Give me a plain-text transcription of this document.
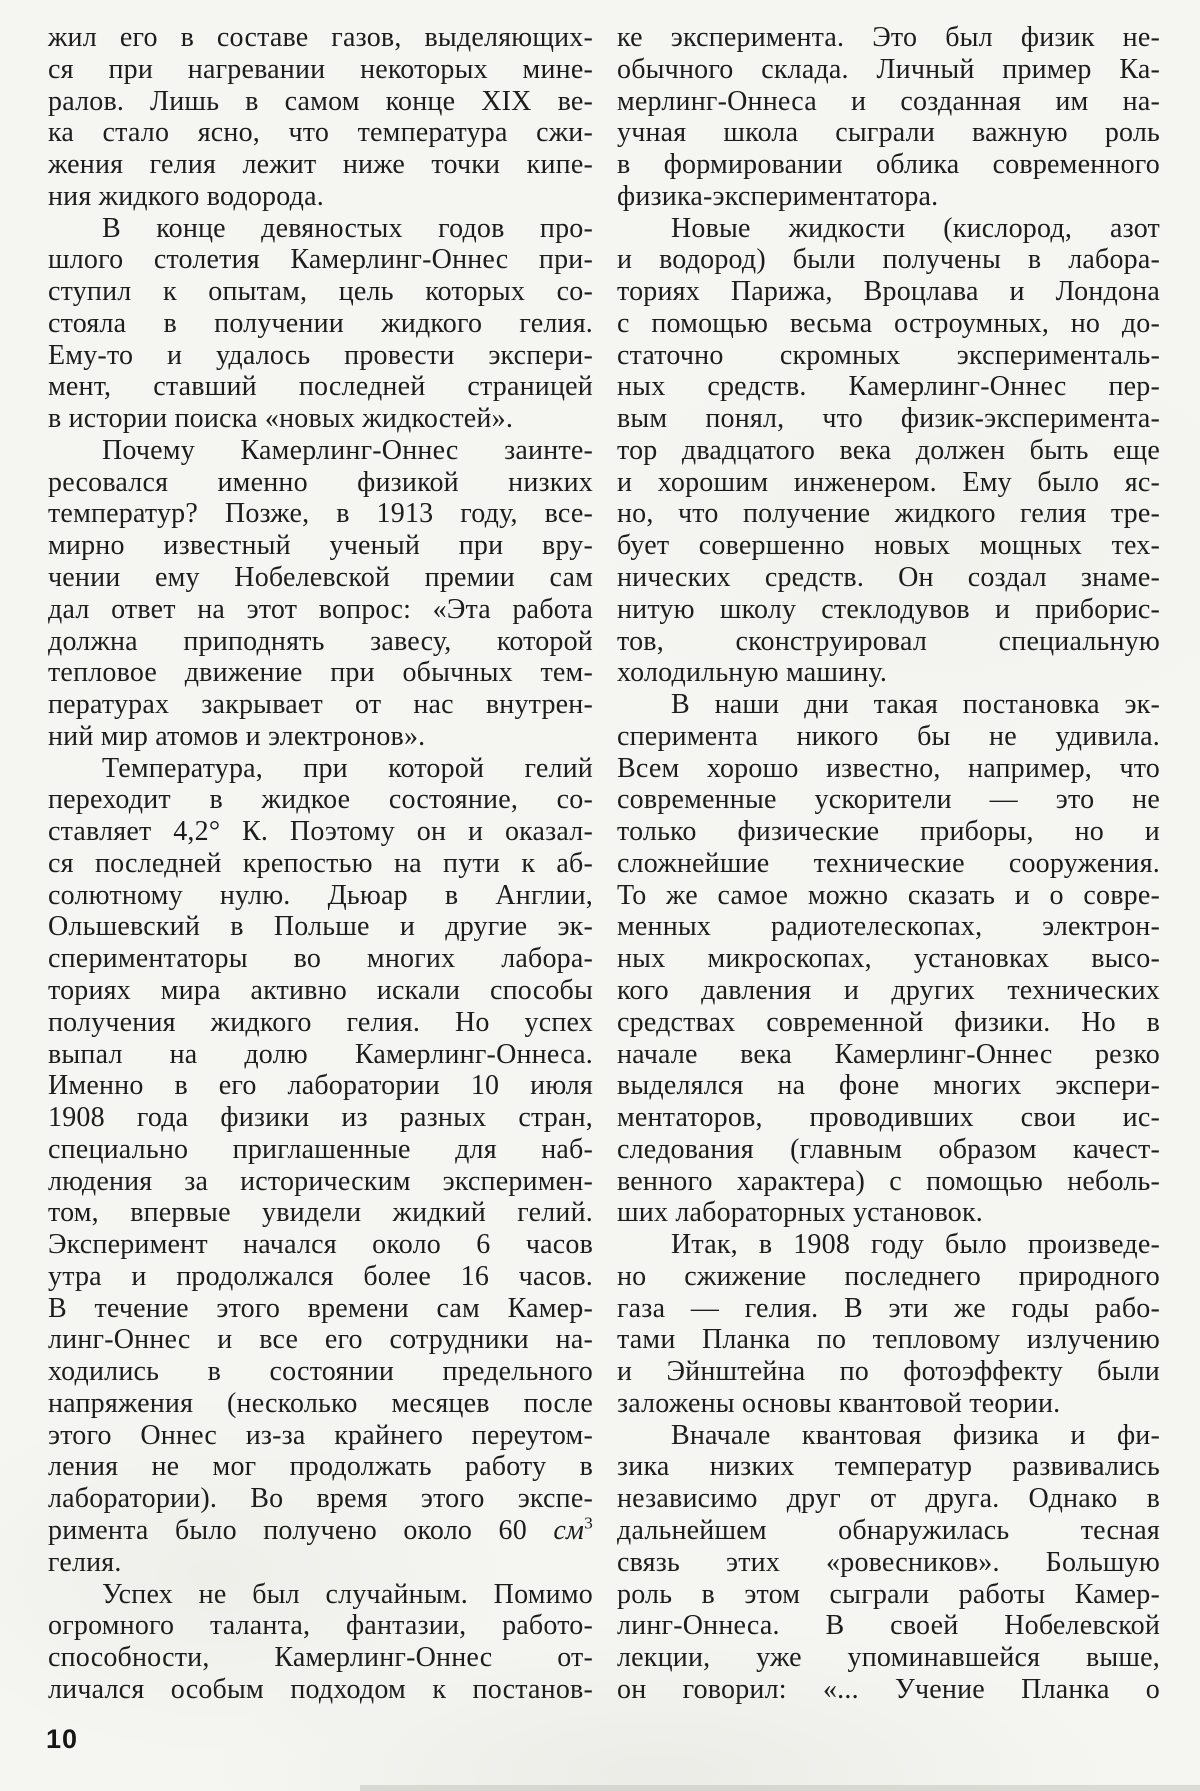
жил его в составе газов, выделяющих-
ся при нагревании некоторых мине-
ралов. Лишь в самом конце XIX ве-
ка стало ясно, что температура сжи-
жения гелия лежит ниже точки кипе-
ния жидкого водорода.
В конце девяностых годов про-
шлого столетия Камерлинг-Оннес при-
ступил к опытам, цель которых со-
стояла в получении жидкого гелия.
Ему-то и удалось провести экспери-
мент, ставший последней страницей
в истории поиска «новых жидкостей».
Почему Камерлинг-Оннес заинте-
ресовался именно физикой низких
температур? Позже, в 1913 году, все-
мирно известный ученый при вру-
чении ему Нобелевской премии сам
дал ответ на этот вопрос: «Эта работа
должна приподнять завесу, которой
тепловое движение при обычных тем-
пературах закрывает от нас внутрен-
ний мир атомов и электронов».
Температура, при которой гелий
переходит в жидкое состояние, со-
ставляет 4,2° К. Поэтому он и оказал-
ся последней крепостью на пути к аб-
солютному нулю. Дьюар в Англии,
Ольшевский в Польше и другие эк-
спериментаторы во многих лабора-
ториях мира активно искали способы
получения жидкого гелия. Но успех
выпал на долю Камерлинг-Оннеса.
Именно в его лаборатории 10 июля
1908 года физики из разных стран,
специально приглашенные для наб-
людения за историческим эксперимен-
том, впервые увидели жидкий гелий.
Эксперимент начался около 6 часов
утра и продолжался более 16 часов.
В течение этого времени сам Камер-
линг-Оннес и все его сотрудники на-
ходились в состоянии предельного
напряжения (несколько месяцев после
этого Оннес из-за крайнего переутом-
ления не мог продолжать работу в
лаборатории). Во время этого экспе-
римента было получено около 60 $см^3$
гелия.
Успех не был случайным. Помимо
огромного таланта, фантазии, работо-
способности, Камерлинг-Оннес от-
личался особым подходом к постанов-
ке эксперимента. Это был физик не-
обычного склада. Личный пример Ка-
мерлинг-Оннеса и созданная им на-
учная школа сыграли важную роль
в формировании облика современного
физика-экспериментатора.
Новые жидкости (кислород, азот
и водород) были получены в лабора-
ториях Парижа, Вроцлава и Лондона
с помощью весьма остроумных, но до-
статочно скромных эксперименталь-
ных средств. Камерлинг-Оннес пер-
вым понял, что физик-эксперимента-
тор двадцатого века должен быть еще
и хорошим инженером. Ему было яс-
но, что получение жидкого гелия тре-
бует совершенно новых мощных тех-
нических средств. Он создал знаме-
нитую школу стеклодувов и приборис-
тов, сконструировал специальную
холодильную машину.
В наши дни такая постановка эк-
сперимента никого бы не удивила.
Всем хорошо известно, например, что
современные ускорители — это не
только физические приборы, но и
сложнейшие технические сооружения.
То же самое можно сказать и о совре-
менных радиотелескопах, электрон-
ных микроскопах, установках высо-
кого давления и других технических
средствах современной физики. Но в
начале века Камерлинг-Оннес резко
выделялся на фоне многих экспери-
ментаторов, проводивших свои ис-
следования (главным образом качест-
венного характера) с помощью неболь-
ших лабораторных установок.
Итак, в 1908 году было произведе-
но сжижение последнего природного
газа — гелия. В эти же годы рабо-
тами Планка по тепловому излучению
и Эйнштейна по фотоэффекту были
заложены основы квантовой теории.
Вначале квантовая физика и фи-
зика низких температур развивались
независимо друг от друга. Однако в
дальнейшем обнаружилась тесная
связь этих «ровесников». Большую
роль в этом сыграли работы Камер-
линг-Оннеса. В своей Нобелевской
лекции, уже упоминавшейся выше,
он говорил: «... Учение Планка о
10
